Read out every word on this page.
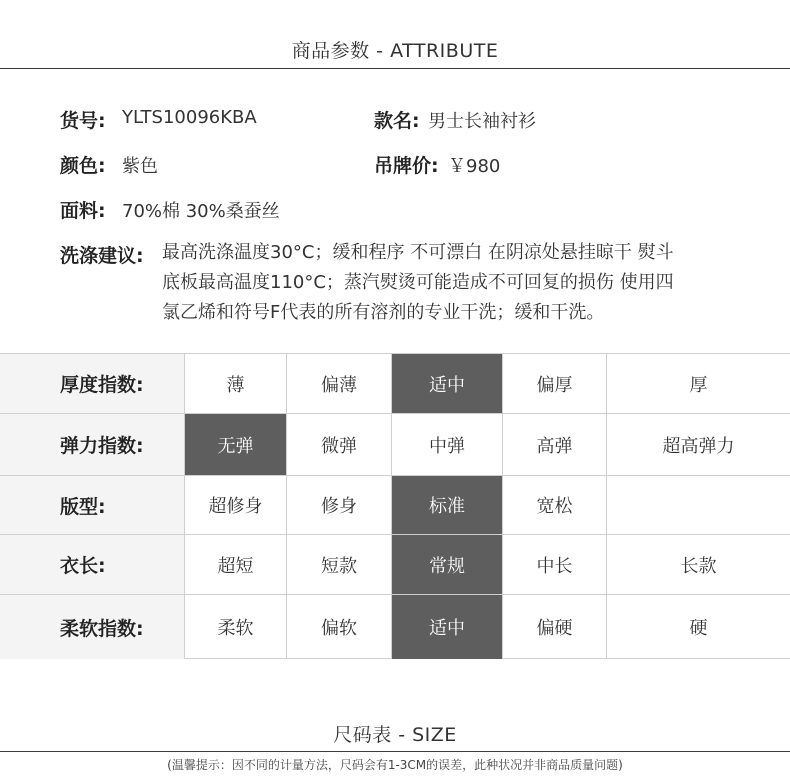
商品参数 - ATTRIBUTE
货号: YLTS10096KBA	款名: 男士长袖衬衫
颜色: 紫色	吊牌价: ￥980
面料: 70%棉 30%桑蚕丝
洗涤建议: 最高洗涤温度30°C；缓和程序 不可漂白 在阴凉处悬挂晾干 熨斗
底板最高温度110°C；蒸汽熨烫可能造成不可回复的损伤 使用四
氯乙烯和符号F代表的所有溶剂的专业干洗；缓和干洗。
厚度指数:	薄	偏薄	适中	偏厚	厚
弹力指数:	无弹	微弹	中弹	高弹	超高弹力
版型:	超修身	修身	标准	宽松
衣长:	超短	短款	常规	中长	长款
柔软指数:	柔软	偏软	适中	偏硬	硬
尺码表 - SIZE
(温馨提示：因不同的计量方法，尺码会有1-3CM的误差，此种状况并非商品质量问题)
